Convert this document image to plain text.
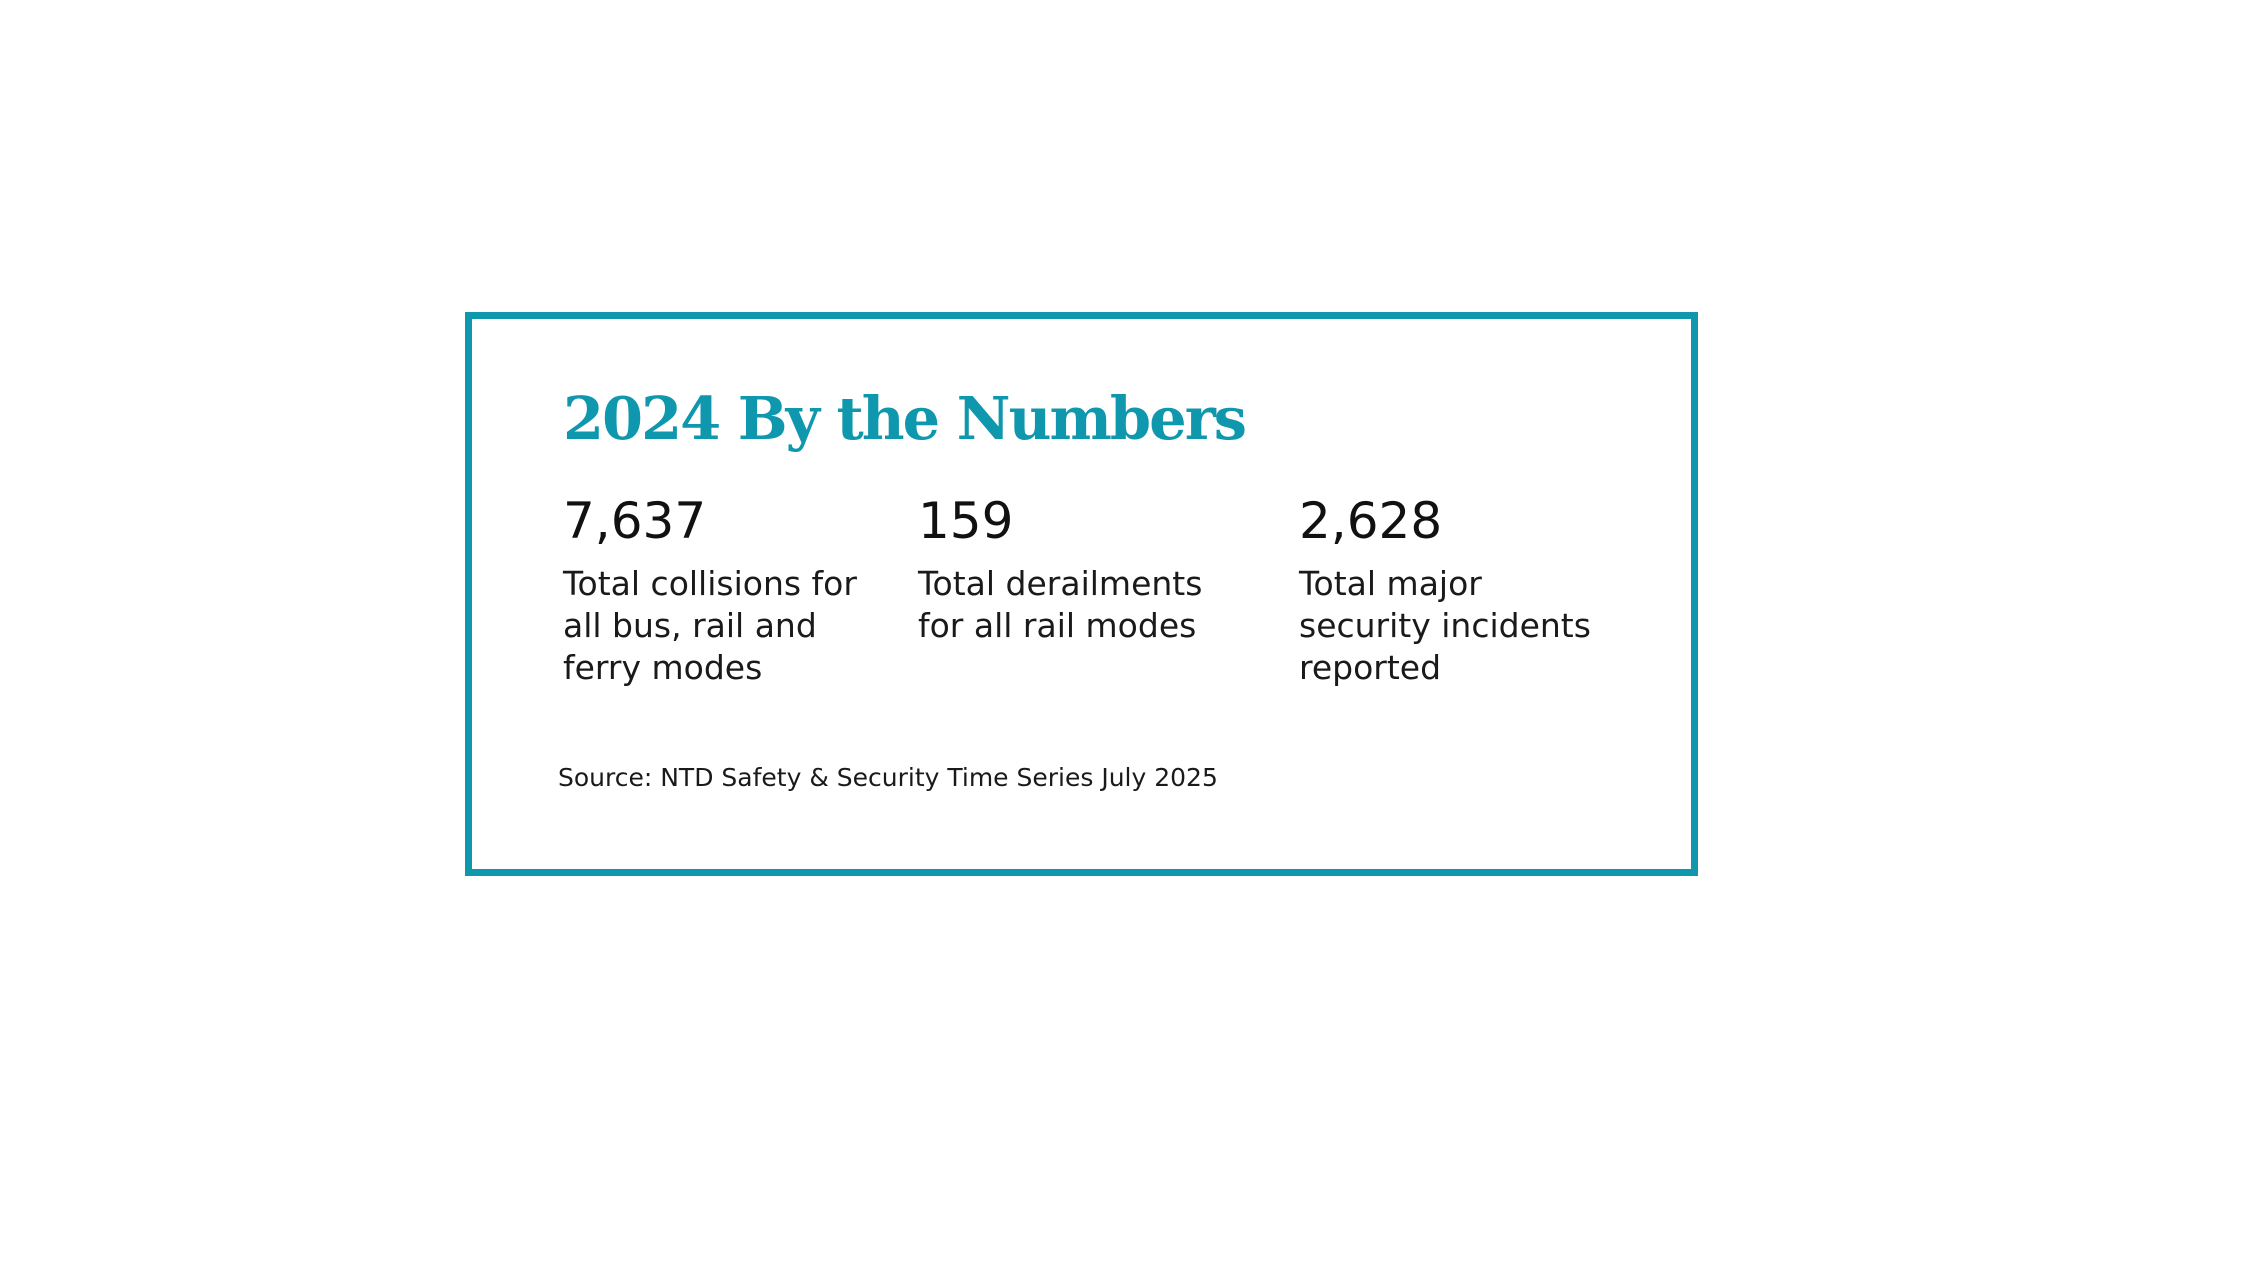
2024 By the Numbers
7,637
Total collisions for
all bus, rail and
ferry modes
159
Total derailments
for all rail modes
2,628
Total major
security incidents
reported

Source: NTD Safety & Security Time Series July 2025
